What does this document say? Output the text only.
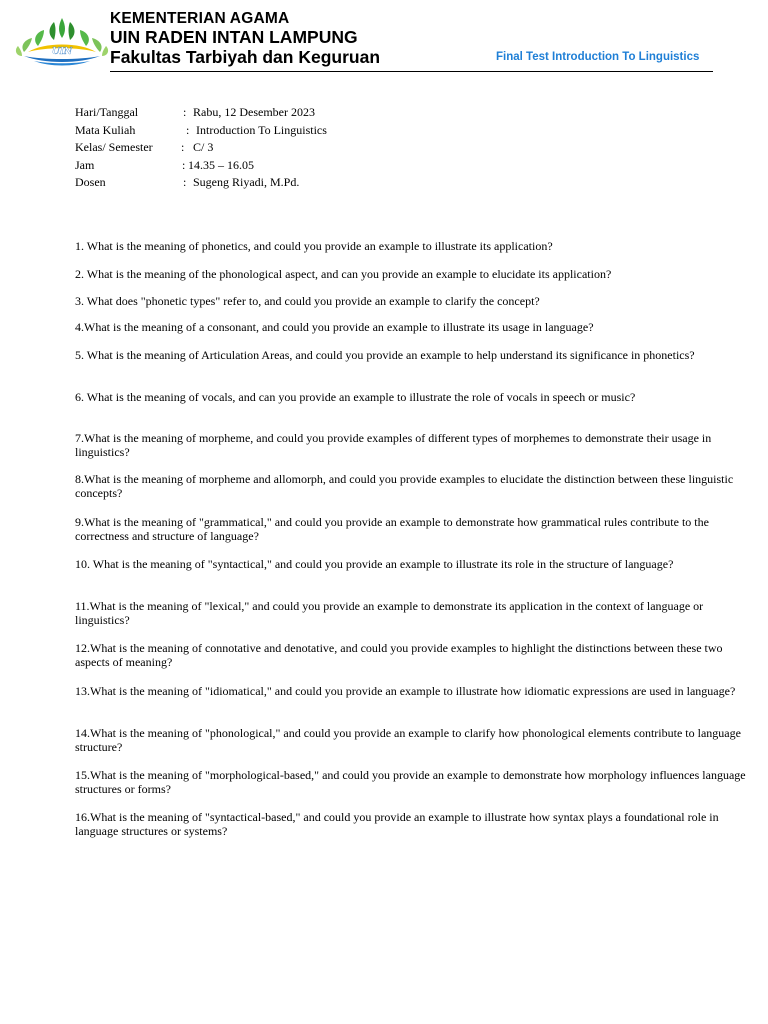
UIN
KEMENTERIAN AGAMA
UIN RADEN INTAN LAMPUNG
Fakultas Tarbiyah dan Keguruan	Final Test Introduction To Linguistics
Hari/Tanggal	: Rabu, 12 Desember 2023
Mata Kuliah	: Introduction To Linguistics
Kelas/ Semester : C/ 3
Jam	: 14.35 – 16.05
Dosen	: Sugeng Riyadi, M.Pd.

1. What is the meaning of phonetics, and could you provide an example to illustrate its application?

2. What is the meaning of the phonological aspect, and can you provide an example to elucidate its application?

3. What does "phonetic types" refer to, and could you provide an example to clarify the concept?

4.What is the meaning of a consonant, and could you provide an example to illustrate its usage in language?

5. What is the meaning of Articulation Areas, and could you provide an example to help understand its significance in phonetics?

6. What is the meaning of vocals, and can you provide an example to illustrate the role of vocals in speech or music?

7.What is the meaning of morpheme, and could you provide examples of different types of morphemes to demonstrate their usage in linguistics?

8.What is the meaning of morpheme and allomorph, and could you provide examples to elucidate the distinction between these linguistic concepts?

9.What is the meaning of "grammatical," and could you provide an example to demonstrate how grammatical rules contribute to the correctness and structure of language?

10. What is the meaning of "syntactical," and could you provide an example to illustrate its role in the structure of language?

11.What is the meaning of "lexical," and could you provide an example to demonstrate its application in the context of language or linguistics?

12.What is the meaning of connotative and denotative, and could you provide examples to highlight the distinctions between these two aspects of meaning?

13.What is the meaning of "idiomatical," and could you provide an example to illustrate how idiomatic expressions are used in language?

14.What is the meaning of "phonological," and could you provide an example to clarify how phonological elements contribute to language structure?

15.What is the meaning of "morphological-based," and could you provide an example to demonstrate how morphology influences language structures or forms?

16.What is the meaning of "syntactical-based," and could you provide an example to illustrate how syntax plays a foundational role in language structures or systems?
